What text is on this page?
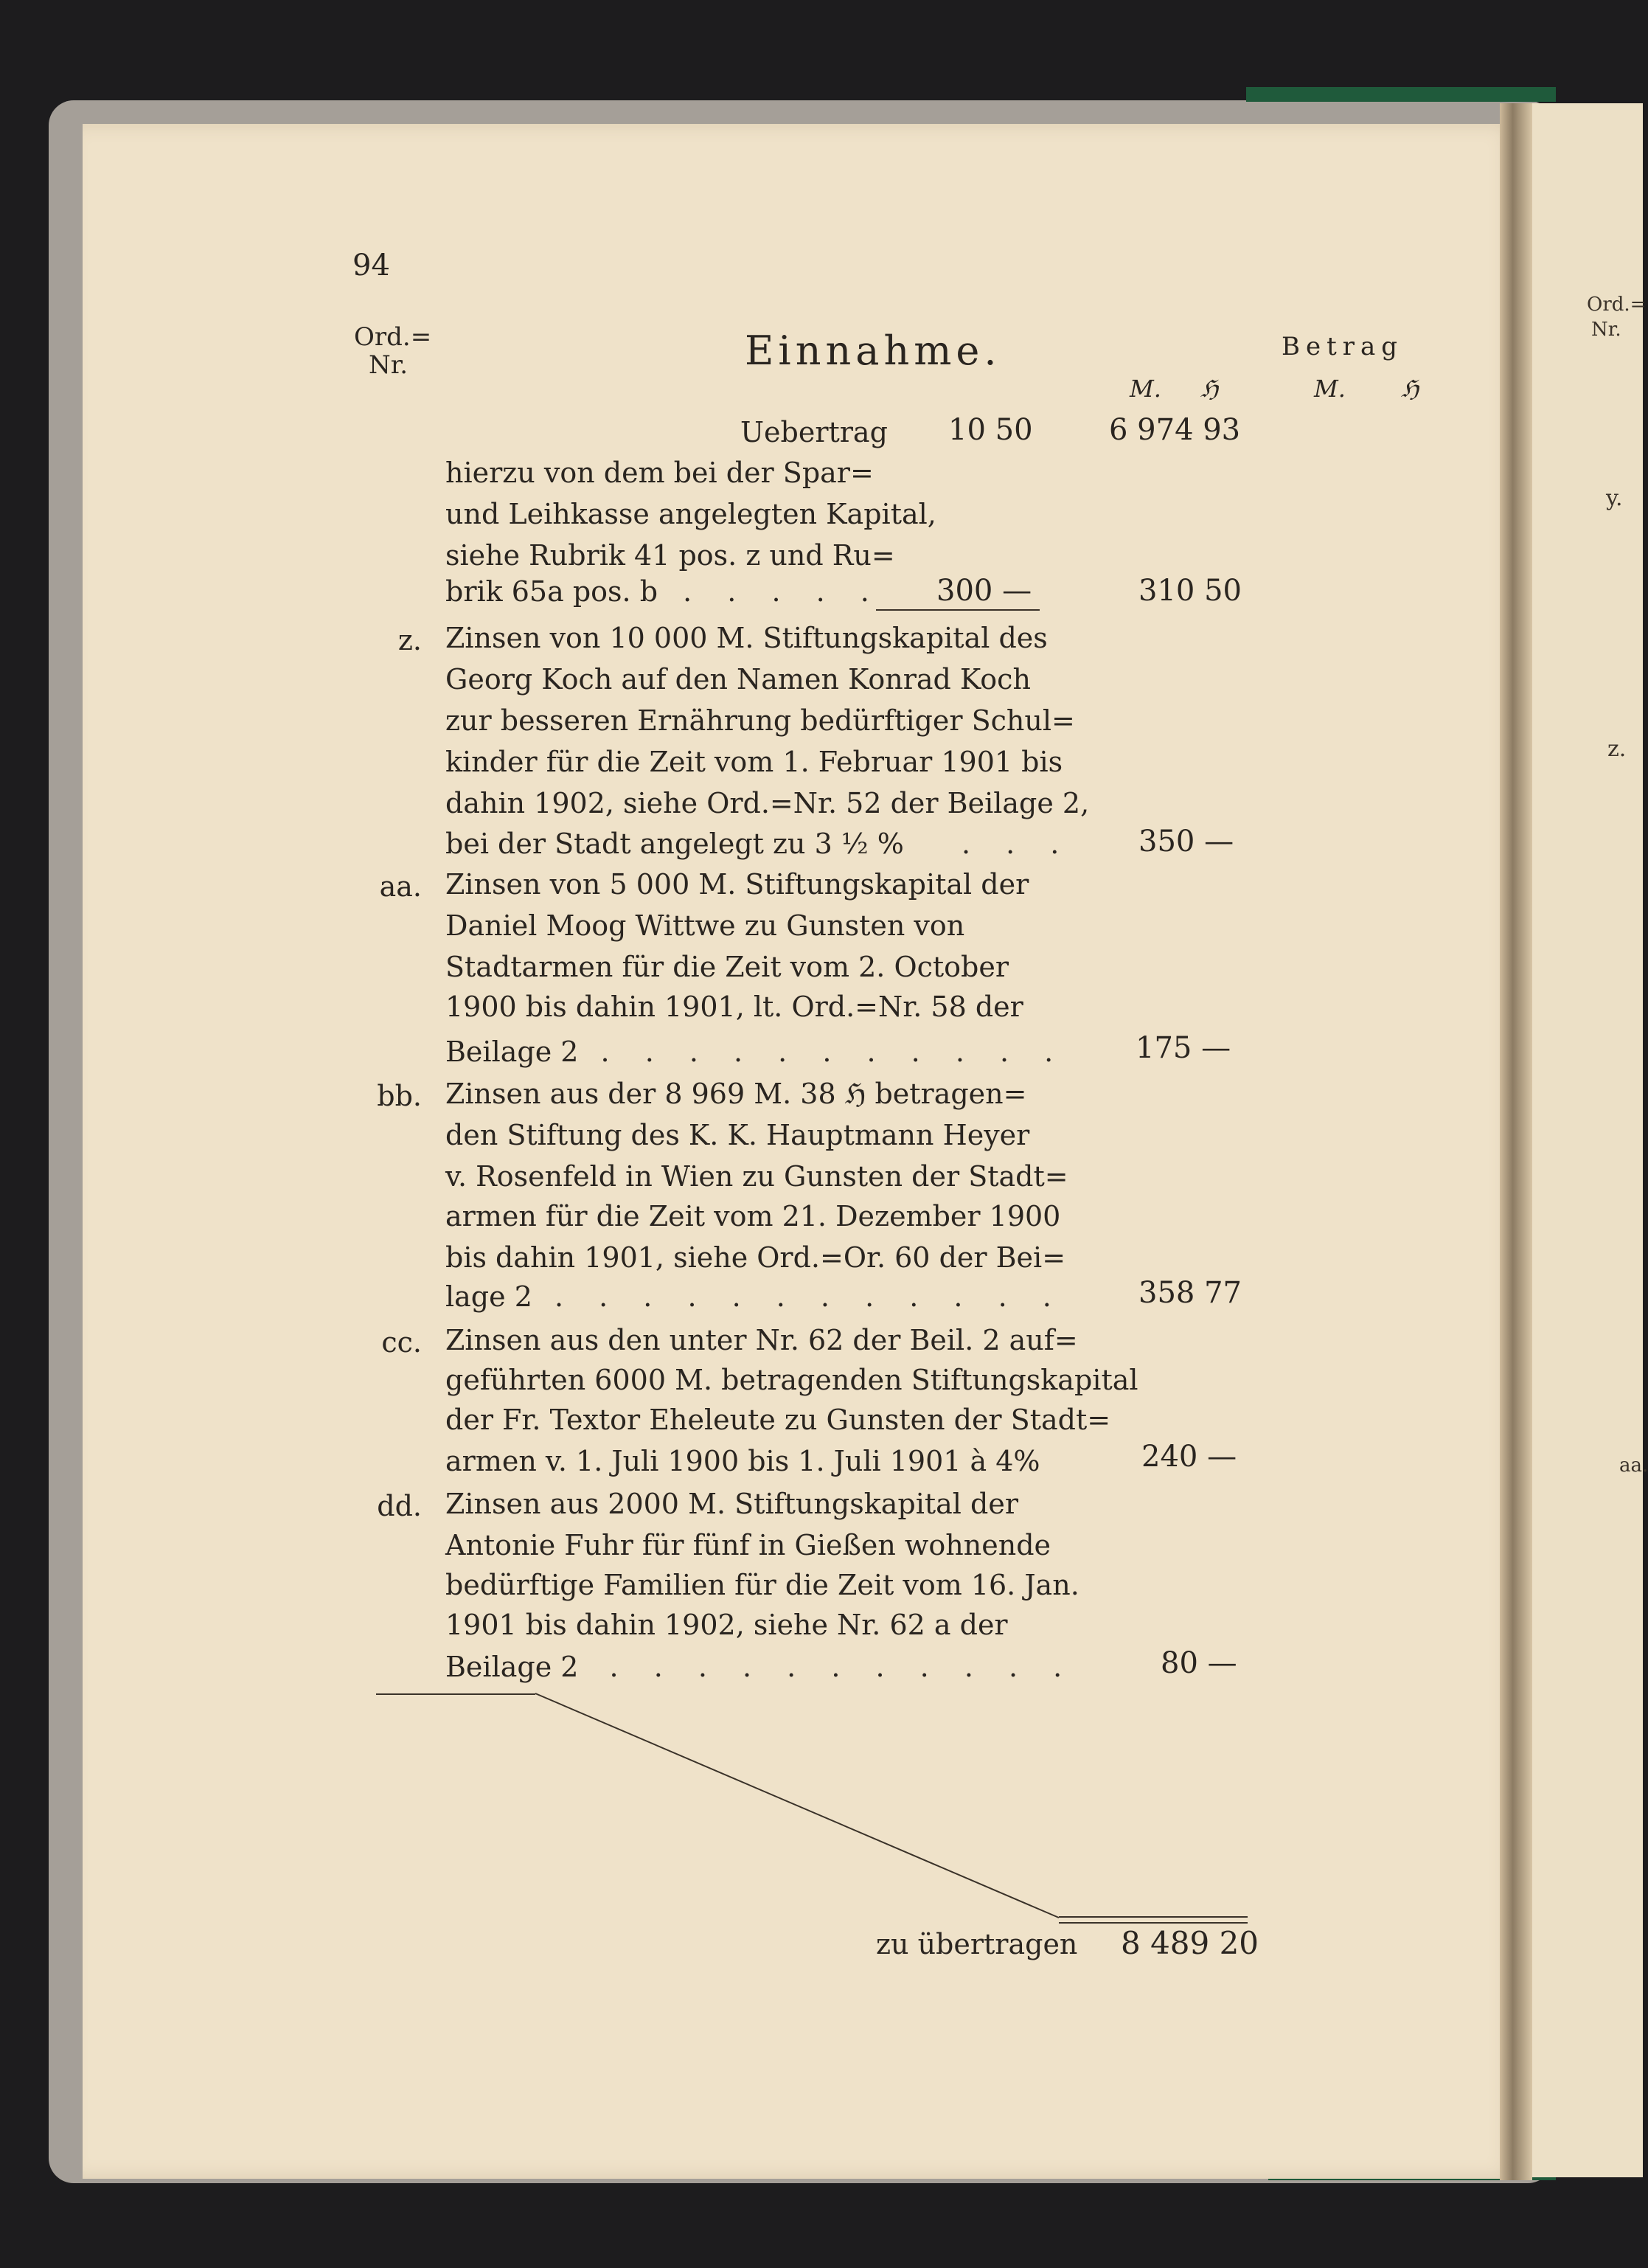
Ord.=
Nr.
y.
z.
aa.
94
Ord.=
Nr.	Einnahme.	Betrag
M. ℌ	M. ℌ
Uebertrag 10 50	6 974 93
hierzu von dem bei der Spar=
und Leihkasse angelegten Kapital,
siehe Rubrik 41 pos. z und Ru=
brik 65a pos. b . . . . . 300 —	310 50
z. Zinsen von 10 000 M. Stiftungskapital des
Georg Koch auf den Namen Konrad Koch
zur besseren Ernährung bedürftiger Schul=
kinder für die Zeit vom 1. Februar 1901 bis
dahin 1902, siehe Ord.=Nr. 52 der Beilage 2,
bei der Stadt angelegt zu 3 ½ % . . . 350 —
aa. Zinsen von 5 000 M. Stiftungskapital der
Daniel Moog Wittwe zu Gunsten von
Stadtarmen für die Zeit vom 2. October
1900 bis dahin 1901, lt. Ord.=Nr. 58 der
Beilage 2 . . . . . . . . . . . 175 —
bb. Zinsen aus der 8 969 M. 38 ℌ betragen=
den Stiftung des K. K. Hauptmann Heyer
v. Rosenfeld in Wien zu Gunsten der Stadt=
armen für die Zeit vom 21. Dezember 1900
bis dahin 1901, siehe Ord.=Or. 60 der Bei=
lage 2 . . . . . . . . . . . .	358 77
cc. Zinsen aus den unter Nr. 62 der Beil. 2 auf=
geführten 6000 M. betragenden Stiftungskapital
der Fr. Textor Eheleute zu Gunsten der Stadt=
armen v. 1. Juli 1900 bis 1. Juli 1901 à 4%	240 —
dd. Zinsen aus 2000 M. Stiftungskapital der
Antonie Fuhr für fünf in Gießen wohnende
bedürftige Familien für die Zeit vom 16. Jan.
1901 bis dahin 1902, siehe Nr. 62 a der
Beilage 2 . . . . . . . . . . .	80 —
zu übertragen 8 489 20
